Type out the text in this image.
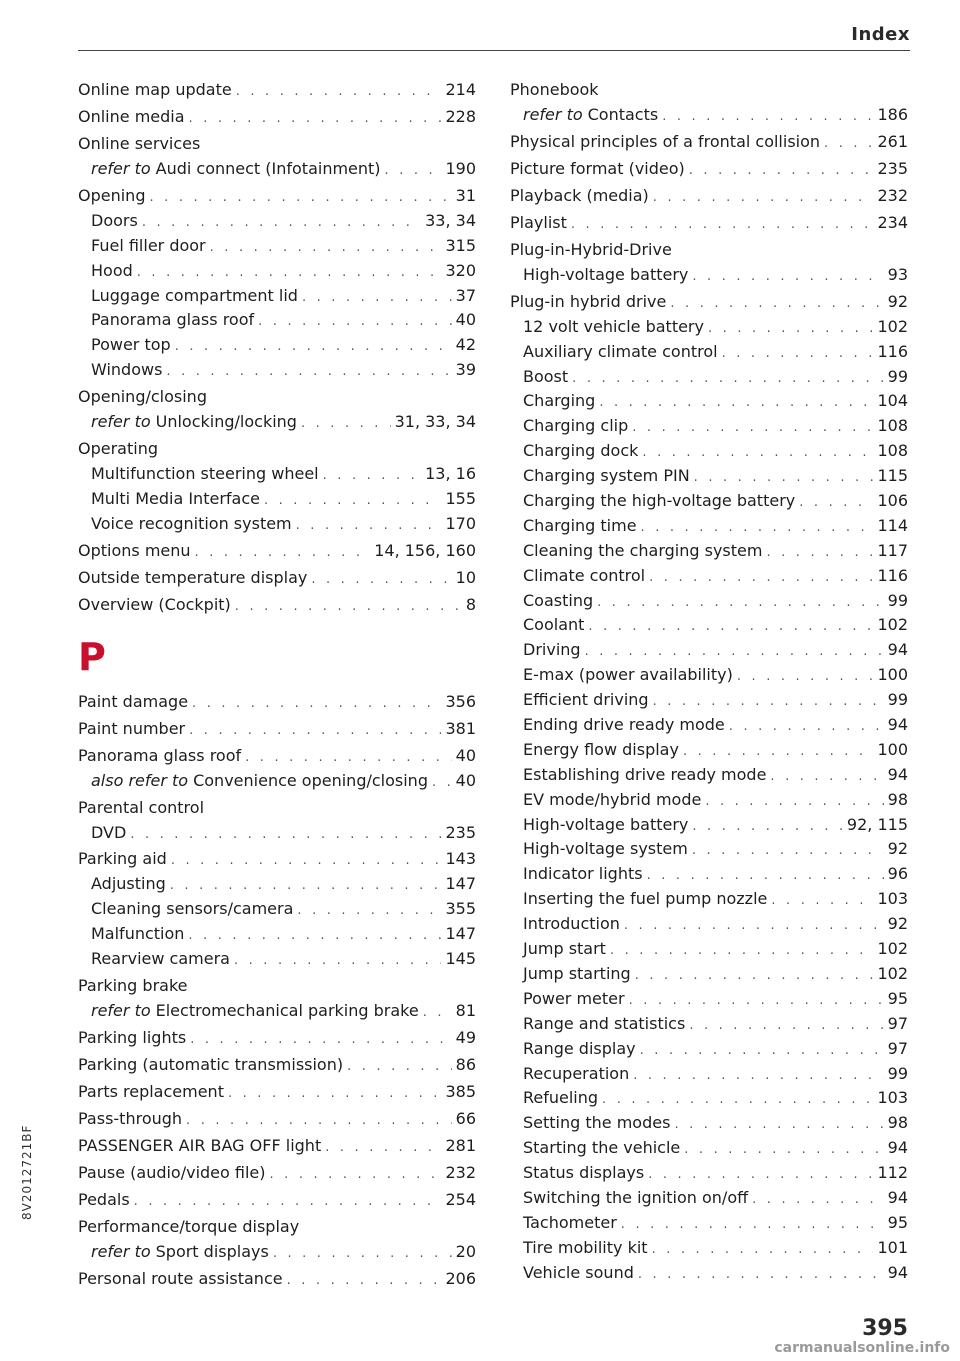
Index
Online map update . . .	214
Online media . . .	228
Online services
refer to Audi connect (Infotainment) . . .	190
Opening . . .	31
Doors . . .	33, 34
Fuel filler door . . .	315
Hood . . .	320
Luggage compartment lid . . .	37
Panorama glass roof . . .	40
Power top . . .	42
Windows . . .	39
Opening/closing
refer to Unlocking/locking . . .	31, 33, 34
Operating
Multifunction steering wheel . . .	13, 16
Multi Media Interface . . .	155
Voice recognition system . . .	170
Options menu . . .	14, 156, 160
Outside temperature display . . .	10
Overview (Cockpit) . . .	8
P
Paint damage . . .	356
Paint number . . .	381
Panorama glass roof . . .	40
also refer to Convenience opening/closing . . . 40
Parental control
DVD . . .	235
Parking aid . . .	143
Adjusting . . .	147
Cleaning sensors/camera . . .	355
Malfunction . . .	147
Rearview camera . . .	145
Parking brake
refer to Electromechanical parking brake . . . 81
Parking lights . . .	49
Parking (automatic transmission) . . .	86
Parts replacement . . .	385
Pass-through . . .	66
PASSENGER AIR BAG OFF light . . .	281
Pause (audio/video file) . . .	232
Pedals . . .	254
Performance/torque display
refer to Sport displays . . .	20
Personal route assistance . . .	206
Phonebook
refer to Contacts . . .	186
Physical principles of a frontal collision . . .	261
Picture format (video) . . .	235
Playback (media) . . .	232
Playlist . . .	234
Plug-in-Hybrid-Drive
High-voltage battery . . .	93
Plug-in hybrid drive . . .	92
12 volt vehicle battery . . .	102
Auxiliary climate control . . .	116
Boost . . .	99
Charging . . .	104
Charging clip . . .	108
Charging dock . . .	108
Charging system PIN . . .	115
Charging the high-voltage battery . . .	106
Charging time . . .	114
Cleaning the charging system . . .	117
Climate control . . .	116
Coasting . . .	99
Coolant . . .	102
Driving . . .	94
E-max (power availability) . . .	100
Efficient driving . . .	99
Ending drive ready mode . . .	94
Energy flow display . . .	100
Establishing drive ready mode . . .	94
EV mode/hybrid mode . . .	98
High-voltage battery . . .	92, 115
High-voltage system . . .	92
Indicator lights . . .	96
Inserting the fuel pump nozzle . . .	103
Introduction . . .	92
Jump start . . .	102
Jump starting . . .	102
Power meter . . .	95
Range and statistics . . .	97
Range display . . .	97
Recuperation . . .	99
Refueling . . .	103
Setting the modes . . .	98
Starting the vehicle . . .	94
Status displays . . .	112
Switching the ignition on/off . . .	94
Tachometer . . .	95
Tire mobility kit . . .	101
Vehicle sound . . .	94
8V2012721BF
395
carmanualsonline.info
